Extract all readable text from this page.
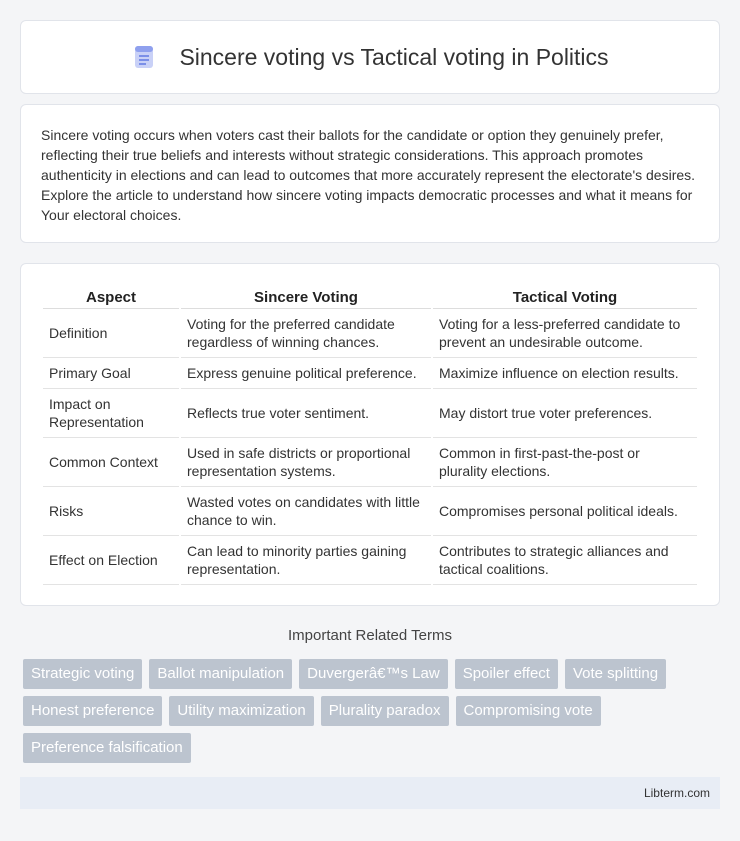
Sincere voting vs Tactical voting in Politics

Sincere voting occurs when voters cast their ballots for the candidate or option they genuinely prefer, reflecting their true beliefs and interests without strategic considerations. This approach promotes authenticity in elections and can lead to outcomes that more accurately represent the electorate's desires. Explore the article to understand how sincere voting impacts democratic processes and what it means for Your electoral choices.

Aspect	Sincere Voting	Tactical Voting
Definition	Voting for the preferred candidate regardless of winning chances.	Voting for a less-preferred candidate to prevent an undesirable outcome.
Primary Goal	Express genuine political preference.	Maximize influence on election results.
Impact on Representation	Reflects true voter sentiment.	May distort true voter preferences.
Common Context	Used in safe districts or proportional representation systems.	Common in first-past-the-post or plurality elections.
Risks	Wasted votes on candidates with little chance to win.	Compromises personal political ideals.
Effect on Election	Can lead to minority parties gaining representation.	Contributes to strategic alliances and tactical coalitions.
Important Related Terms
Strategic voting	Ballot manipulation	Duvergerâ€™s Law	Spoiler effect	Vote splitting
Honest preference	Utility maximization	Plurality paradox	Compromising vote
Preference falsification
Libterm.com
